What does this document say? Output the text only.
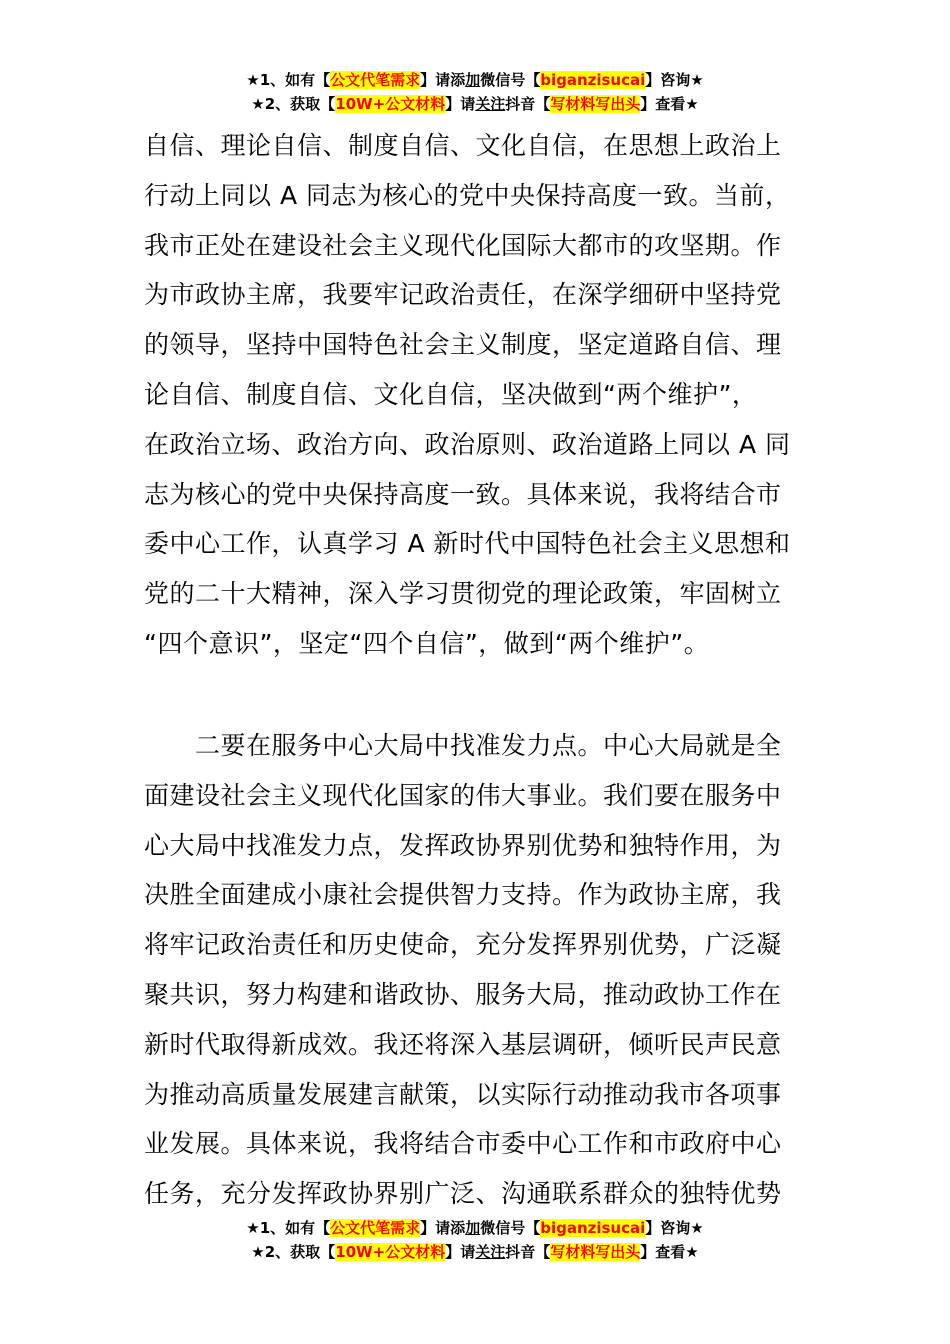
★1、如有【公文代笔需求】请添加微信号【biganzisucai】咨询★
★2、获取【10W+公文材料】请关注抖音【写材料写出头】查看★
自信、理论自信、制度自信、文化自信，在思想上政治上
行动上同以 A 同志为核心的党中央保持高度一致。当前，
我市正处在建设社会主义现代化国际大都市的攻坚期。作
为市政协主席，我要牢记政治责任，在深学细研中坚持党
的领导，坚持中国特色社会主义制度，坚定道路自信、理
论自信、制度自信、文化自信，坚决做到“两个维护”，
在政治立场、政治方向、政治原则、政治道路上同以 A 同
志为核心的党中央保持高度一致。具体来说，我将结合市
委中心工作，认真学习 A 新时代中国特色社会主义思想和
党的二十大精神，深入学习贯彻党的理论政策，牢固树立
“四个意识”，坚定“四个自信”，做到“两个维护”。
　　二要在服务中心大局中找准发力点。中心大局就是全
面建设社会主义现代化国家的伟大事业。我们要在服务中
心大局中找准发力点，发挥政协界别优势和独特作用，为
决胜全面建成小康社会提供智力支持。作为政协主席，我
将牢记政治责任和历史使命，充分发挥界别优势，广泛凝
聚共识，努力构建和谐政协、服务大局，推动政协工作在
新时代取得新成效。我还将深入基层调研，倾听民声民意
为推动高质量发展建言献策，以实际行动推动我市各项事
业发展。具体来说，我将结合市委中心工作和市政府中心
任务，充分发挥政协界别广泛、沟通联系群众的独特优势
★1、如有【公文代笔需求】请添加微信号【biganzisucai】咨询★
★2、获取【10W+公文材料】请关注抖音【写材料写出头】查看★
